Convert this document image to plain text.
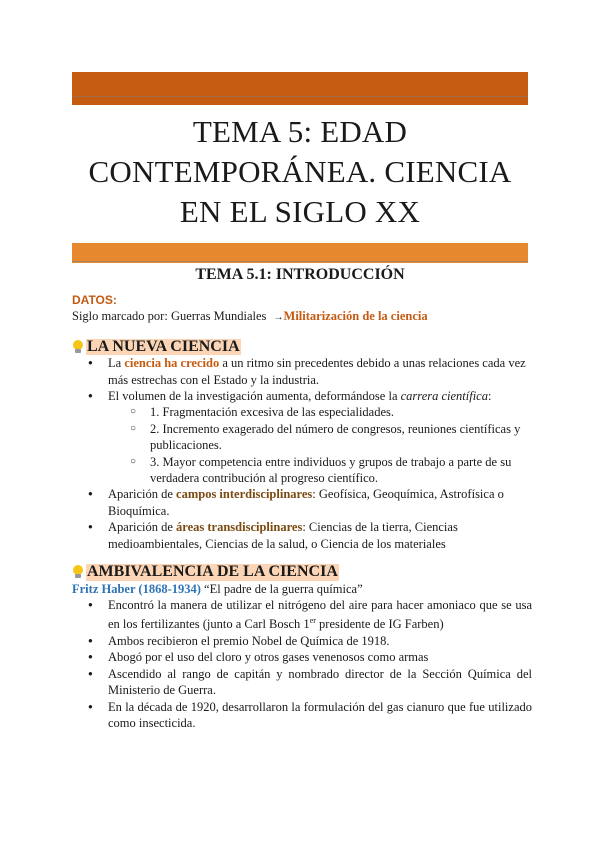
TEMA 5: EDAD
CONTEMPORÁNEA. CIENCIA
EN EL SIGLO XX
TEMA 5.1: INTRODUCCIÓN
DATOS:
Siglo marcado por: Guerras Mundiales →Militarización de la ciencia
LA NUEVA CIENCIA
● La ciencia ha crecido a un ritmo sin precedentes debido a unas relaciones cada vez más estrechas con el Estado y la industria.
● El volumen de la investigación aumenta, deformándose la carrera científica:
○ 1. Fragmentación excesiva de las especialidades.
○ 2. Incremento exagerado del número de congresos, reuniones científicas y publicaciones.
○ 3. Mayor competencia entre individuos y grupos de trabajo a parte de su verdadera contribución al progreso científico.
● Aparición de campos interdisciplinares: Geofísica, Geoquímica, Astrofísica o Bioquímica.
● Aparición de áreas transdisciplinares: Ciencias de la tierra, Ciencias medioambientales, Ciencias de la salud, o Ciencia de los materiales
AMBIVALENCIA DE LA CIENCIA
Fritz Haber (1868-1934) “El padre de la guerra química”
● Encontró la manera de utilizar el nitrógeno del aire para hacer amoniaco que se usa en los fertilizantes (junto a Carl Bosch 1er presidente de IG Farben)
● Ambos recibieron el premio Nobel de Química de 1918.
● Abogó por el uso del cloro y otros gases venenosos como armas
● Ascendido al rango de capitán y nombrado director de la Sección Química del Ministerio de Guerra.
● En la década de 1920, desarrollaron la formulación del gas cianuro que fue utilizado como insecticida.
